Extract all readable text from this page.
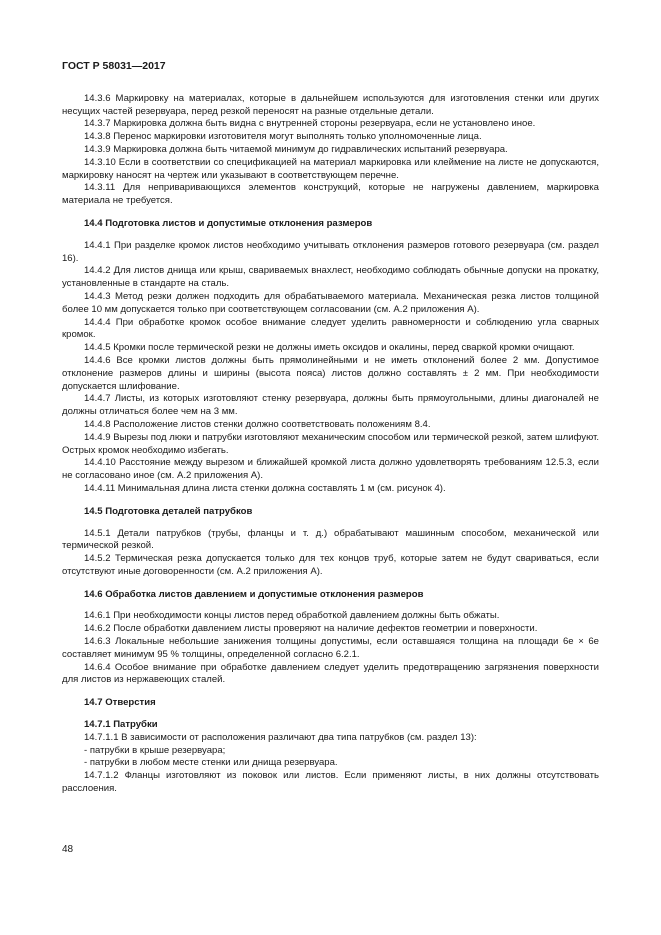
ГОСТ Р 58031—2017

14.3.6 Маркировку на материалах, которые в дальнейшем используются для изготовления стенки или других несущих частей резервуара, перед резкой переносят на разные отдельные детали.

14.3.7 Маркировка должна быть видна с внутренней стороны резервуара, если не установлено иное.

14.3.8 Перенос маркировки изготовителя могут выполнять только уполномоченные лица.

14.3.9 Маркировка должна быть читаемой минимум до гидравлических испытаний резервуара.

14.3.10 Если в соответствии со спецификацией на материал маркировка или клеймение на листе не допускаются, маркировку наносят на чертеж или указывают в соответствующем перечне.

14.3.11 Для неприваривающихся элементов конструкций, которые не нагружены давлением, маркировка материала не требуется.

14.4 Подготовка листов и допустимые отклонения размеров

14.4.1 При разделке кромок листов необходимо учитывать отклонения размеров готового резервуара (см. раздел 16).

14.4.2 Для листов днища или крыш, свариваемых внахлест, необходимо соблюдать обычные допуски на прокатку, установленные в стандарте на сталь.

14.4.3 Метод резки должен подходить для обрабатываемого материала. Механическая резка листов толщиной более 10 мм допускается только при соответствующем согласовании (см. А.2 приложения А).

14.4.4 При обработке кромок особое внимание следует уделить равномерности и соблюдению угла сварных кромок.

14.4.5 Кромки после термической резки не должны иметь оксидов и окалины, перед сваркой кромки очищают.

14.4.6 Все кромки листов должны быть прямолинейными и не иметь отклонений более 2 мм. Допустимое отклонение размеров длины и ширины (высота пояса) листов должно составлять ± 2 мм. При необходимости допускается шлифование.

14.4.7 Листы, из которых изготовляют стенку резервуара, должны быть прямоугольными, длины диагоналей не должны отличаться более чем на 3 мм.

14.4.8 Расположение листов стенки должно соответствовать положениям 8.4.

14.4.9 Вырезы под люки и патрубки изготовляют механическим способом или термической резкой, затем шлифуют. Острых кромок необходимо избегать.

14.4.10 Расстояние между вырезом и ближайшей кромкой листа должно удовлетворять требованиям 12.5.3, если не согласовано иное (см. А.2 приложения А).

14.4.11 Минимальная длина листа стенки должна составлять 1 м (см. рисунок 4).

14.5 Подготовка деталей патрубков

14.5.1 Детали патрубков (трубы, фланцы и т. д.) обрабатывают машинным способом, механической или термической резкой.

14.5.2 Термическая резка допускается только для тех концов труб, которые затем не будут свариваться, если отсутствуют иные договоренности (см. А.2 приложения А).

14.6 Обработка листов давлением и допустимые отклонения размеров

14.6.1 При необходимости концы листов перед обработкой давлением должны быть обжаты.

14.6.2 После обработки давлением листы проверяют на наличие дефектов геометрии и поверхности.

14.6.3 Локальные небольшие занижения толщины допустимы, если оставшаяся толщина на площади 6е × 6е составляет минимум 95 % толщины, определенной согласно 6.2.1.

14.6.4 Особое внимание при обработке давлением следует уделить предотвращению загрязнения поверхности для листов из нержавеющих сталей.

14.7 Отверстия
14.7.1 Патрубки

14.7.1.1 В зависимости от расположения различают два типа патрубков (см. раздел 13):

- патрубки в крыше резервуара;

- патрубки в любом месте стенки или днища резервуара.

14.7.1.2 Фланцы изготовляют из поковок или листов. Если применяют листы, в них должны отсутствовать расслоения.

48
